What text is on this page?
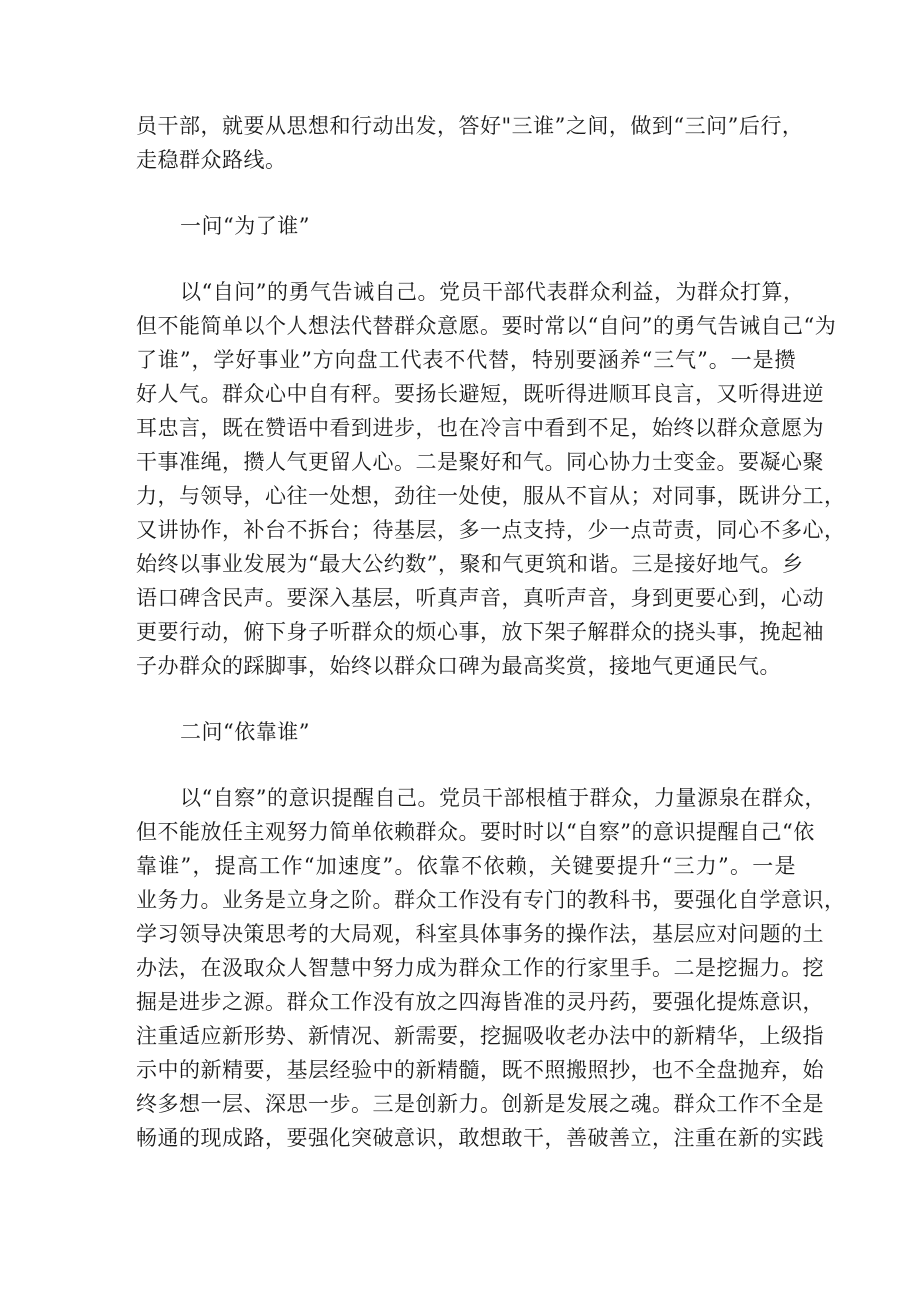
员干部，就要从思想和行动出发，答好"三谁”之间，做到“三问”后行，
走稳群众路线。
一问“为了谁”
以“自问”的勇气告诫自己。党员干部代表群众利益，为群众打算，
但不能简单以个人想法代替群众意愿。要时常以“自问”的勇气告诫自己“为
了谁”，学好事业”方向盘工代表不代替，特别要涵养“三气”。一是攒
好人气。群众心中自有秤。要扬长避短，既听得进顺耳良言，又听得进逆
耳忠言，既在赞语中看到进步，也在冷言中看到不足，始终以群众意愿为
干事准绳，攒人气更留人心。二是聚好和气。同心协力士变金。要凝心聚
力，与领导，心往一处想，劲往一处使，服从不盲从；对同事，既讲分工，
又讲协作，补台不拆台；待基层，多一点支持，少一点苛责，同心不多心，
始终以事业发展为“最大公约数”，聚和气更筑和谐。三是接好地气。乡
语口碑含民声。要深入基层，听真声音，真听声音，身到更要心到，心动
更要行动，俯下身子听群众的烦心事，放下架子解群众的挠头事，挽起袖
子办群众的踩脚事，始终以群众口碑为最高奖赏，接地气更通民气。
二问“依靠谁”
以“自察”的意识提醒自己。党员干部根植于群众，力量源泉在群众，
但不能放任主观努力简单依赖群众。要时时以“自察”的意识提醒自己“依
靠谁”，提高工作“加速度”。依靠不依赖，关键要提升“三力”。一是
业务力。业务是立身之阶。群众工作没有专门的教科书，要强化自学意识，
学习领导决策思考的大局观，科室具体事务的操作法，基层应对问题的土
办法，在汲取众人智慧中努力成为群众工作的行家里手。二是挖掘力。挖
掘是进步之源。群众工作没有放之四海皆准的灵丹药，要强化提炼意识，
注重适应新形势、新情况、新需要，挖掘吸收老办法中的新精华，上级指
示中的新精要，基层经验中的新精髓，既不照搬照抄，也不全盘抛弃，始
终多想一层、深思一步。三是创新力。创新是发展之魂。群众工作不全是
畅通的现成路，要强化突破意识，敢想敢干，善破善立，注重在新的实践
